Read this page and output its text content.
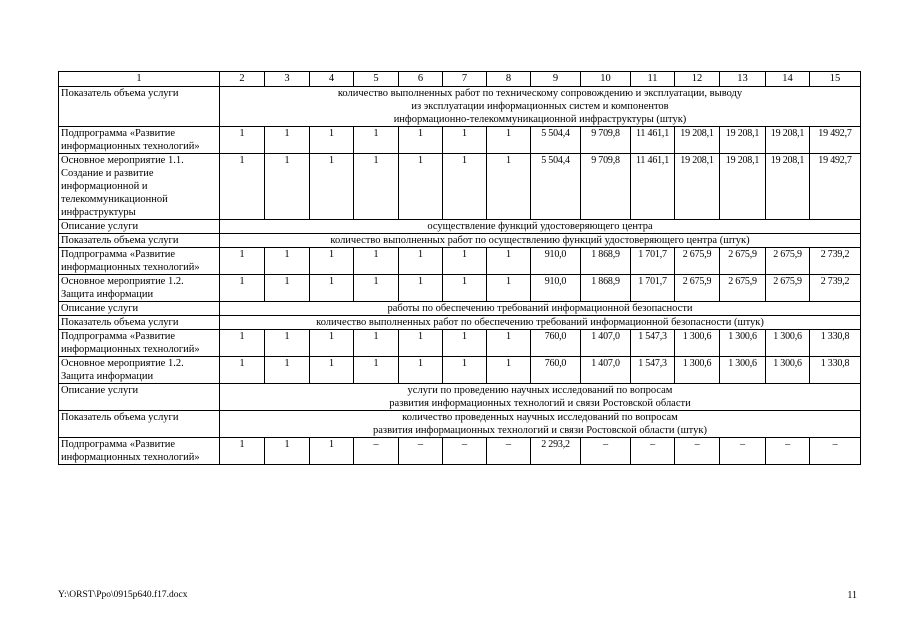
1	2	3	4	5	6	7	8	9	10	11	12	13	14	15
Показатель объема услуги	количество выполненных работ по техническому сопровождению и эксплуатации, выводу
из эксплуатации информационных систем и компонентов
информационно-телекоммуникационной инфраструктуры (штук)													

Подпрограмма «Развитие информационных технологий»	1	1	1	1	1	1	1	5 504,4	9 709,8	11 461,1	19 208,1	19 208,1	19 208,1	19 492,7
Основное мероприятие 1.1. Создание и развитие информационной и телекоммуникационной инфраструктуры	1	1	1	1	1	1	1	5 504,4	9 709,8	11 461,1	19 208,1	19 208,1	19 208,1	19 492,7
Описание услуги	осуществление функций удостоверяющего центра													

Показатель объема услуги	количество выполненных работ по осуществлению функций удостоверяющего центра (штук)													

Подпрограмма «Развитие информационных технологий»	1	1	1	1	1	1	1	910,0	1 868,9	1 701,7	2 675,9	2 675,9	2 675,9	2 739,2
Основное мероприятие 1.2. Защита информации	1	1	1	1	1	1	1	910,0	1 868,9	1 701,7	2 675,9	2 675,9	2 675,9	2 739,2
Описание услуги	работы по обеспечению требований информационной безопасности													

Показатель объема услуги	количество выполненных работ по обеспечению требований информационной безопасности (штук)													

Подпрограмма «Развитие информационных технологий»	1	1	1	1	1	1	1	760,0	1 407,0	1 547,3	1 300,6	1 300,6	1 300,6	1 330,8
Основное мероприятие 1.2. Защита информации	1	1	1	1	1	1	1	760,0	1 407,0	1 547,3	1 300,6	1 300,6	1 300,6	1 330,8
Описание услуги	услуги по проведению научных исследований по вопросам
развития информационных технологий и связи Ростовской области													

Показатель объема услуги	количество проведенных научных исследований по вопросам
развития информационных технологий и связи Ростовской области (штук)													

Подпрограмма «Развитие информационных технологий»	1	1	1	–	–	–	–	2 293,2	–	–	–	–	–	–
Y:\ORST\Ppo\0915p640.f17.docx	11
